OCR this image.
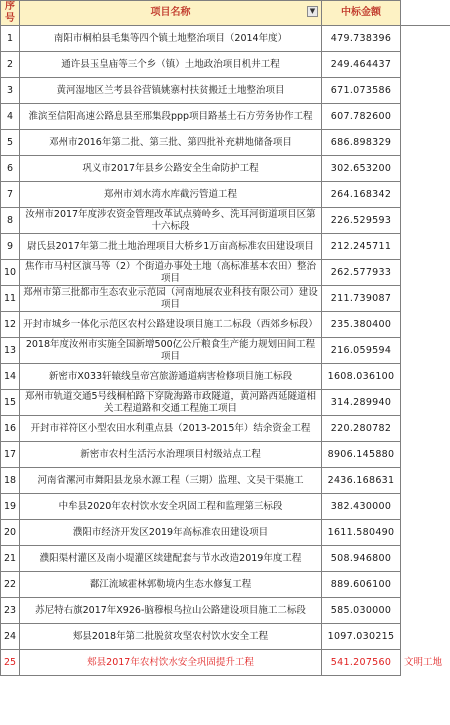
序号	项目名称 ▼	中标金额	
1	南阳市桐柏县毛集等四个镇土地整治项目（2014年度）	479.738396	
2	通许县玉皇庙等三个乡（镇）土地政治项目机井工程	249.464437	
3	黄河湿地区兰考县谷营镇姚寨村扶贫搬迁土地整治项目	671.073586	
4	淮滨至信阳高速公路息县至邢集段ppp项目路基土石方劳务协作工程	607.782600	
5	邓州市2016年第二批、第三批、第四批补充耕地储备项目	686.898329	
6	巩义市2017年县乡公路安全生命防护工程	302.653200	
7	郑州市刘水湾水库截污管道工程	264.168342	
8	汝州市2017年度涉农资金管理改革试点骑岭乡、洗耳河街道项目区第十六标段	226.529593	
9	尉氏县2017年第二批土地治理项目大桥乡1万亩高标准农田建设项目	212.245711	
10	焦作市马村区演马等（2）个街道办事处土地（高标准基本农田）整治项目	262.577933	
11	郑州市第三批都市生态农业示范园（河南地展农业科技有限公司）建设项目	211.739087	
12	开封市城乡一体化示范区农村公路建设项目施工二标段（西郊乡标段）	235.380400	
13	2018年度汝州市实施全国新增500亿公斤粮食生产能力规划田间工程项目	216.059594	
14	新密市X033轩辕线皇帝宫旅游通道病害检修项目施工标段	1608.036100	
15	郑州市轨道交通5号线桐柏路下穿陇海路市政隧道，黄河路西延隧道相关工程道路和交通工程施工项目	314.289940	
16	开封市祥符区小型农田水利重点县（2013-2015年）结余资金工程	220.280782	
17	新密市农村生活污水治理项目村级站点工程	8906.145880	
18	河南省漯河市舞阳县龙泉水源工程（三期）监理、文吴干渠施工	2436.168631	
19	中牟县2020年农村饮水安全巩固工程和监理第三标段	382.430000	
20	濮阳市经济开发区2019年高标准农田建设项目	1611.580490	
21	濮阳渠村灌区及南小堤灌区续建配套与节水改造2019年度工程	508.946800	
22	鄱江流域霍林郭勒境内生态水修复工程	889.606100	
23	苏尼特右旗2017年X926-脑穆根乌拉山公路建设项目施工二标段	585.030000	
24	郏县2018年第二批脱贫攻坚农村饮水安全工程	1097.030215	
25	郏县2017年农村饮水安全巩固提升工程	541.207560	文明工地
